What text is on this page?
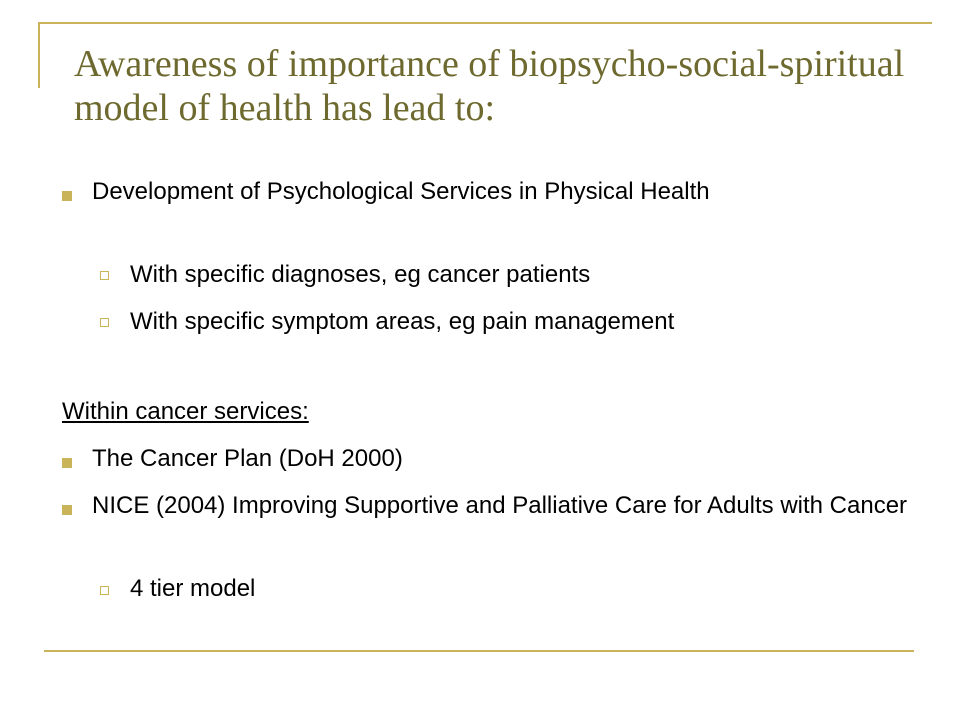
Awareness of importance of biopsycho-social-spiritual model of health has lead to:
Development of Psychological Services in Physical Health
With specific diagnoses, eg cancer patients
With specific symptom areas, eg pain management
Within cancer services:
The Cancer Plan (DoH 2000)
NICE (2004) Improving Supportive and Palliative Care for Adults with Cancer
4 tier model
